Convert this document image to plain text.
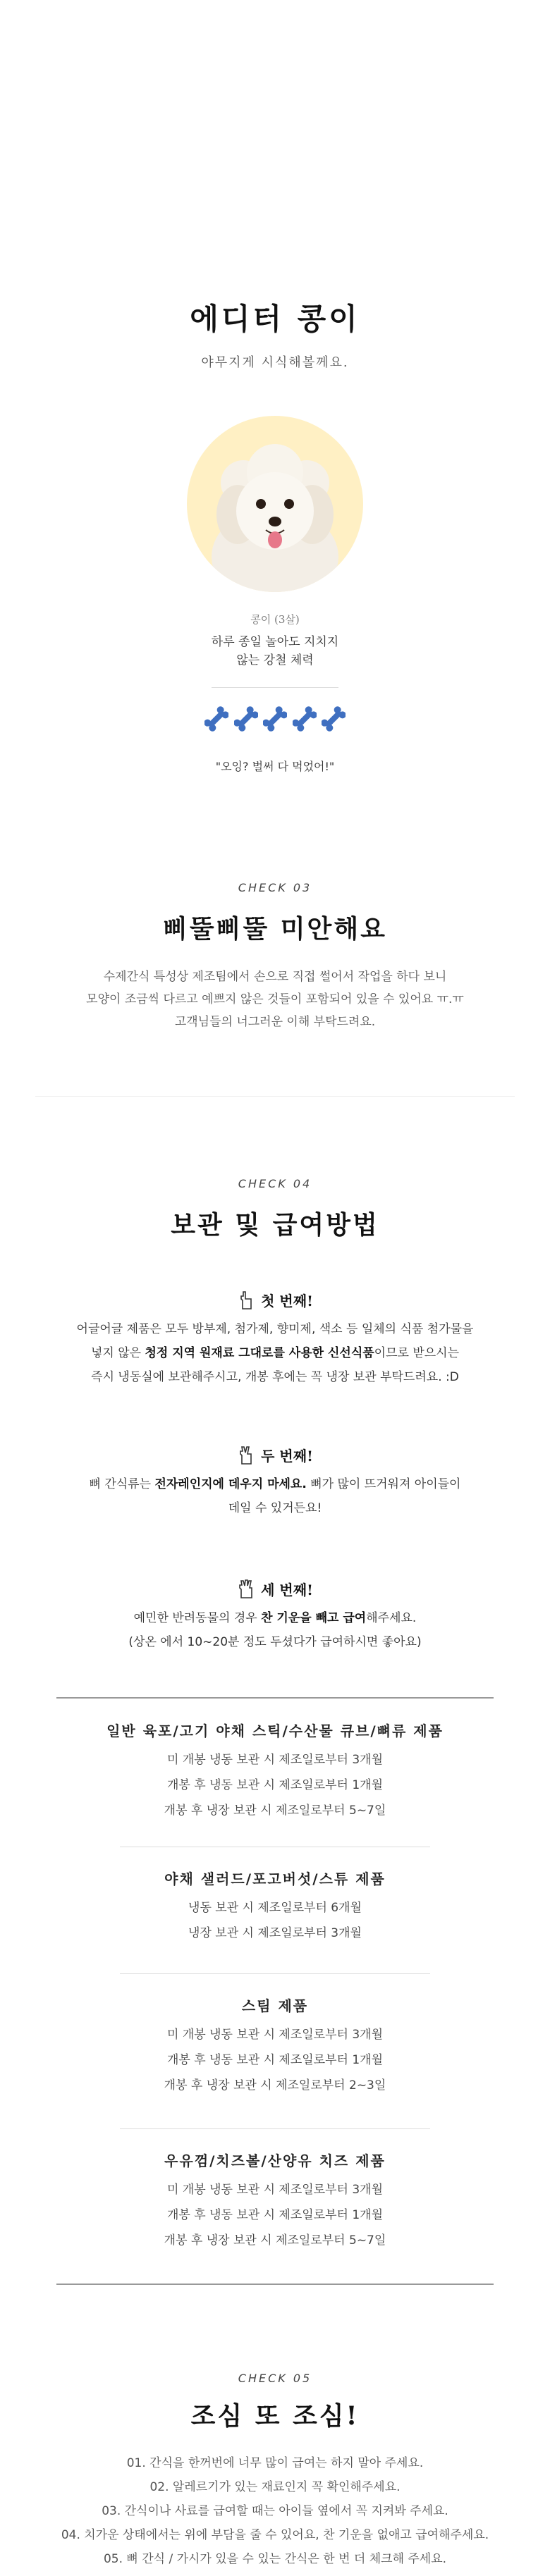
에디터 콩이
야무지게 시식해볼께요.
콩이 (3살)
하루 종일 놀아도 지치지
않는 강철 체력
"오잉? 벌써 다 먹었어!"
CHECK 03
삐뚤삐뚤 미안해요
수제간식 특성상 제조팀에서 손으로 직접 썰어서 작업을 하다 보니
모양이 조금씩 다르고 예쁘지 않은 것들이 포함되어 있을 수 있어요 ㅠ.ㅠ
고객님들의 너그러운 이해 부탁드려요.
CHECK 04
보관 및 급여방법
첫 번째!
어글어글 제품은 모두 방부제, 첨가제, 향미제, 색소 등 일체의 식품 첨가물을
넣지 않은 청정 지역 원재료 그대로를 사용한 신선식품이므로 받으시는
즉시 냉동실에 보관해주시고, 개봉 후에는 꼭 냉장 보관 부탁드려요. :D
두 번째!
뼈 간식류는 전자레인지에 데우지 마세요. 뼈가 많이 뜨거워져 아이들이
데일 수 있거든요!
세 번째!
예민한 반려동물의 경우 찬 기운을 빼고 급여해주세요.
(상온 에서 10~20분 정도 두셨다가 급여하시면 좋아요)
일반 육포/고기 야채 스틱/수산물 큐브/뼈류 제품
미 개봉 냉동 보관 시 제조일로부터 3개월
개봉 후 냉동 보관 시 제조일로부터 1개월
개봉 후 냉장 보관 시 제조일로부터 5~7일
야채 샐러드/포고버섯/스튜 제품
냉동 보관 시 제조일로부터 6개월
냉장 보관 시 제조일로부터 3개월
스팀 제품
미 개봉 냉동 보관 시 제조일로부터 3개월
개봉 후 냉동 보관 시 제조일로부터 1개월
개봉 후 냉장 보관 시 제조일로부터 2~3일
우유껌/치즈볼/산양유 치즈 제품
미 개봉 냉동 보관 시 제조일로부터 3개월
개봉 후 냉동 보관 시 제조일로부터 1개월
개봉 후 냉장 보관 시 제조일로부터 5~7일
CHECK 05
조심 또 조심!
01. 간식을 한꺼번에 너무 많이 급여는 하지 말아 주세요.
02. 알레르기가 있는 재료인지 꼭 확인해주세요.
03. 간식이나 사료를 급여할 때는 아이들 옆에서 꼭 지켜봐 주세요.
04. 치가운 상태에서는 위에 부담을 줄 수 있어요, 찬 기운을 없애고 급여해주세요.
05. 뼈 간식 / 가시가 있을 수 있는 간식은 한 번 더 체크해 주세요.
